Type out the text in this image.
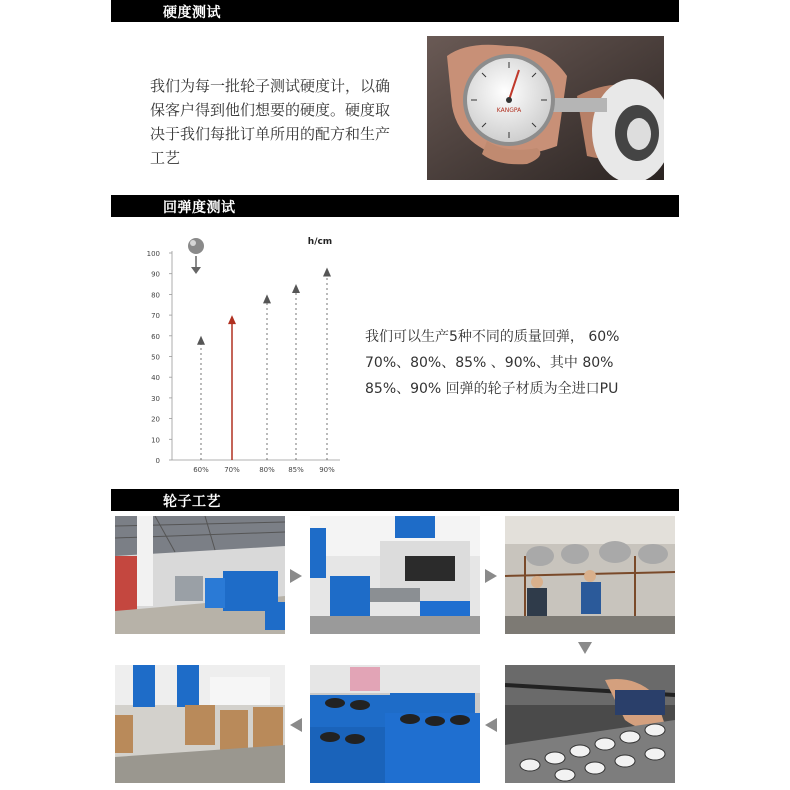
硬度测试
我们为每一批轮子测试硬度计，以确
保客户得到他们想要的硬度。硬度取
决于我们每批订单所用的配方和生产
工艺
KANGPA
回弹度测试
0
10
20
30
40
50
60
70
80
90
100
h/cm
60% 70%	80% 85% 90%
我们可以生产5种不同的质量回弹， 60%
70%、80%、85% 、90%、其中 80%
85%、90% 回弹的轮子材质为全进口PU
轮子工艺
